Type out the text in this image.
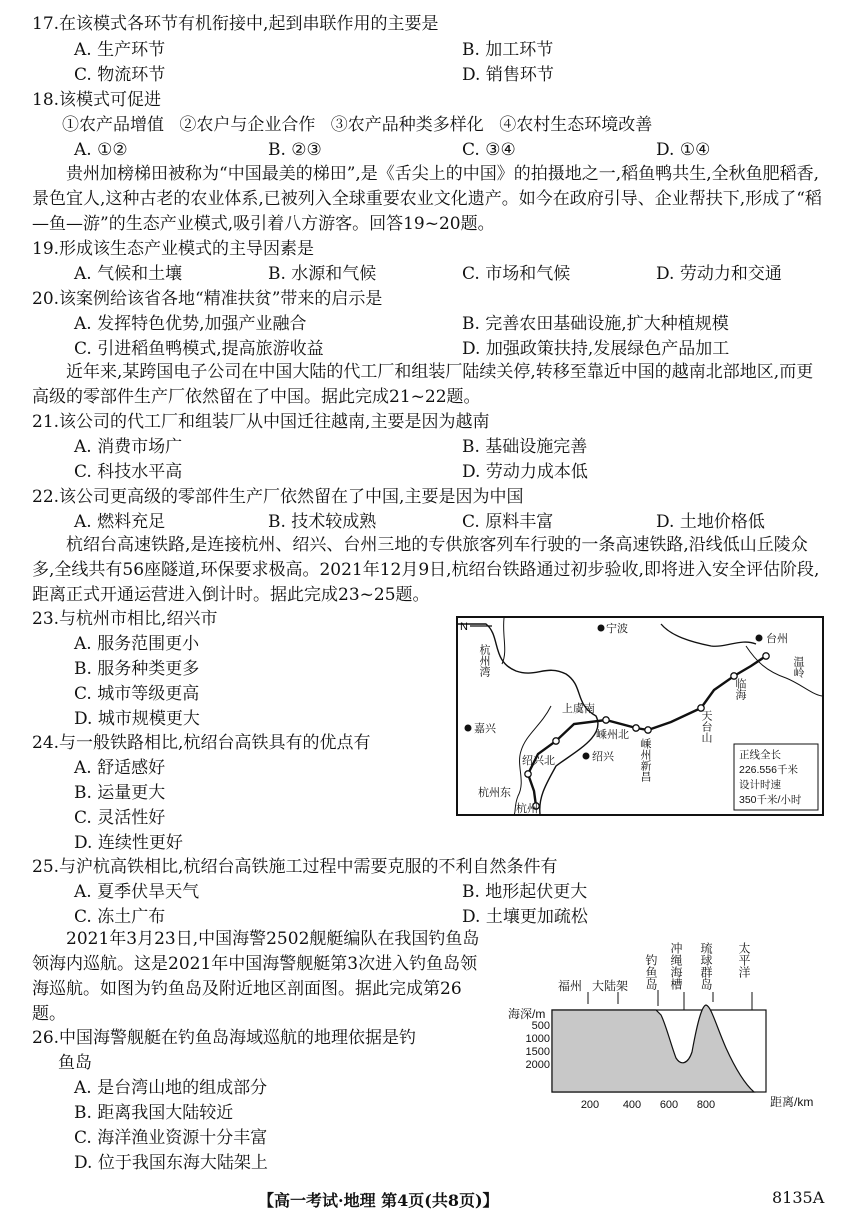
17.在该模式各环节有机衔接中,起到串联作用的主要是
A. 生产环节	B. 加工环节
C. 物流环节	D. 销售环节
18.该模式可促进
①农产品增值 ②农户与企业合作 ③农产品种类多样化 ④农村生态环境改善
A. ①②	B. ②③	C. ③④	D. ①④
贵州加榜梯田被称为“中国最美的梯田”,是《舌尖上的中国》的拍摄地之一,稻鱼鸭共生,全秋鱼肥稻香,景色宜人,这种古老的农业体系,已被列入全球重要农业文化遗产。如今在政府引导、企业帮扶下,形成了“稻—鱼—游”的生态产业模式,吸引着八方游客。回答19~20题。
19.形成该生态产业模式的主导因素是
A. 气候和土壤	B. 水源和气候	C. 市场和气候	D. 劳动力和交通
20.该案例给该省各地“精准扶贫”带来的启示是
A. 发挥特色优势,加强产业融合	B. 完善农田基础设施,扩大种植规模
C. 引进稻鱼鸭模式,提高旅游收益	D. 加强政策扶持,发展绿色产品加工
近年来,某跨国电子公司在中国大陆的代工厂和组装厂陆续关停,转移至靠近中国的越南北部地区,而更高级的零部件生产厂依然留在了中国。据此完成21~22题。
21.该公司的代工厂和组装厂从中国迁往越南,主要是因为越南
A. 消费市场广	B. 基础设施完善
C. 科技水平高	D. 劳动力成本低
22.该公司更高级的零部件生产厂依然留在了中国,主要是因为中国
A. 燃料充足	B. 技术较成熟	C. 原料丰富	D. 土地价格低
杭绍台高速铁路,是连接杭州、绍兴、台州三地的专供旅客列车行驶的一条高速铁路,沿线低山丘陵众多,全线共有56座隧道,环保要求极高。2021年12月9日,杭绍台铁路通过初步验收,即将进入安全评估阶段,距离正式开通运营进入倒计时。据此完成23~25题。
23.与杭州市相比,绍兴市
A. 服务范围更小
B. 服务种类更多
C. 城市等级更高
D. 城市规模更大
24.与一般铁路相比,杭绍台高铁具有的优点有
A. 舒适感好
B. 运量更大
C. 灵活性好
D. 连续性更好
25.与沪杭高铁相比,杭绍台高铁施工过程中需要克服的不利自然条件有
A. 夏季伏旱天气	B. 地形起伏更大
C. 冻土广布	D. 土壤更加疏松
2021年3月23日,中国海警2502舰艇编队在我国钓鱼岛领海内巡航。这是2021年中国海警舰艇第3次进入钓鱼岛领海巡航。如图为钓鱼岛及附近地区剖面图。据此完成第26题。
26.中国海警舰艇在钓鱼岛海域巡航的地理依据是钓
鱼岛
A. 是台湾山地的组成部分
B. 距离我国大陆较近
C. 海洋渔业资源十分丰富
D. 位于我国东海大陆架上
N	宁波
杭州湾
台州
温岭
临海
上虞南
嵊州北
嵊州新昌
天台山
嘉兴
绍兴
绍兴北
杭州东
杭州
正线全长
226.556千米
设计时速
350千米/小时
福州 大陆架 钓鱼岛 冲绳海槽 琉球群岛 太平洋
海深/m
500
1000
1500
2000
200 400 600 800	距离/km
【高一考试·地理 第4页(共8页)】	8135A
